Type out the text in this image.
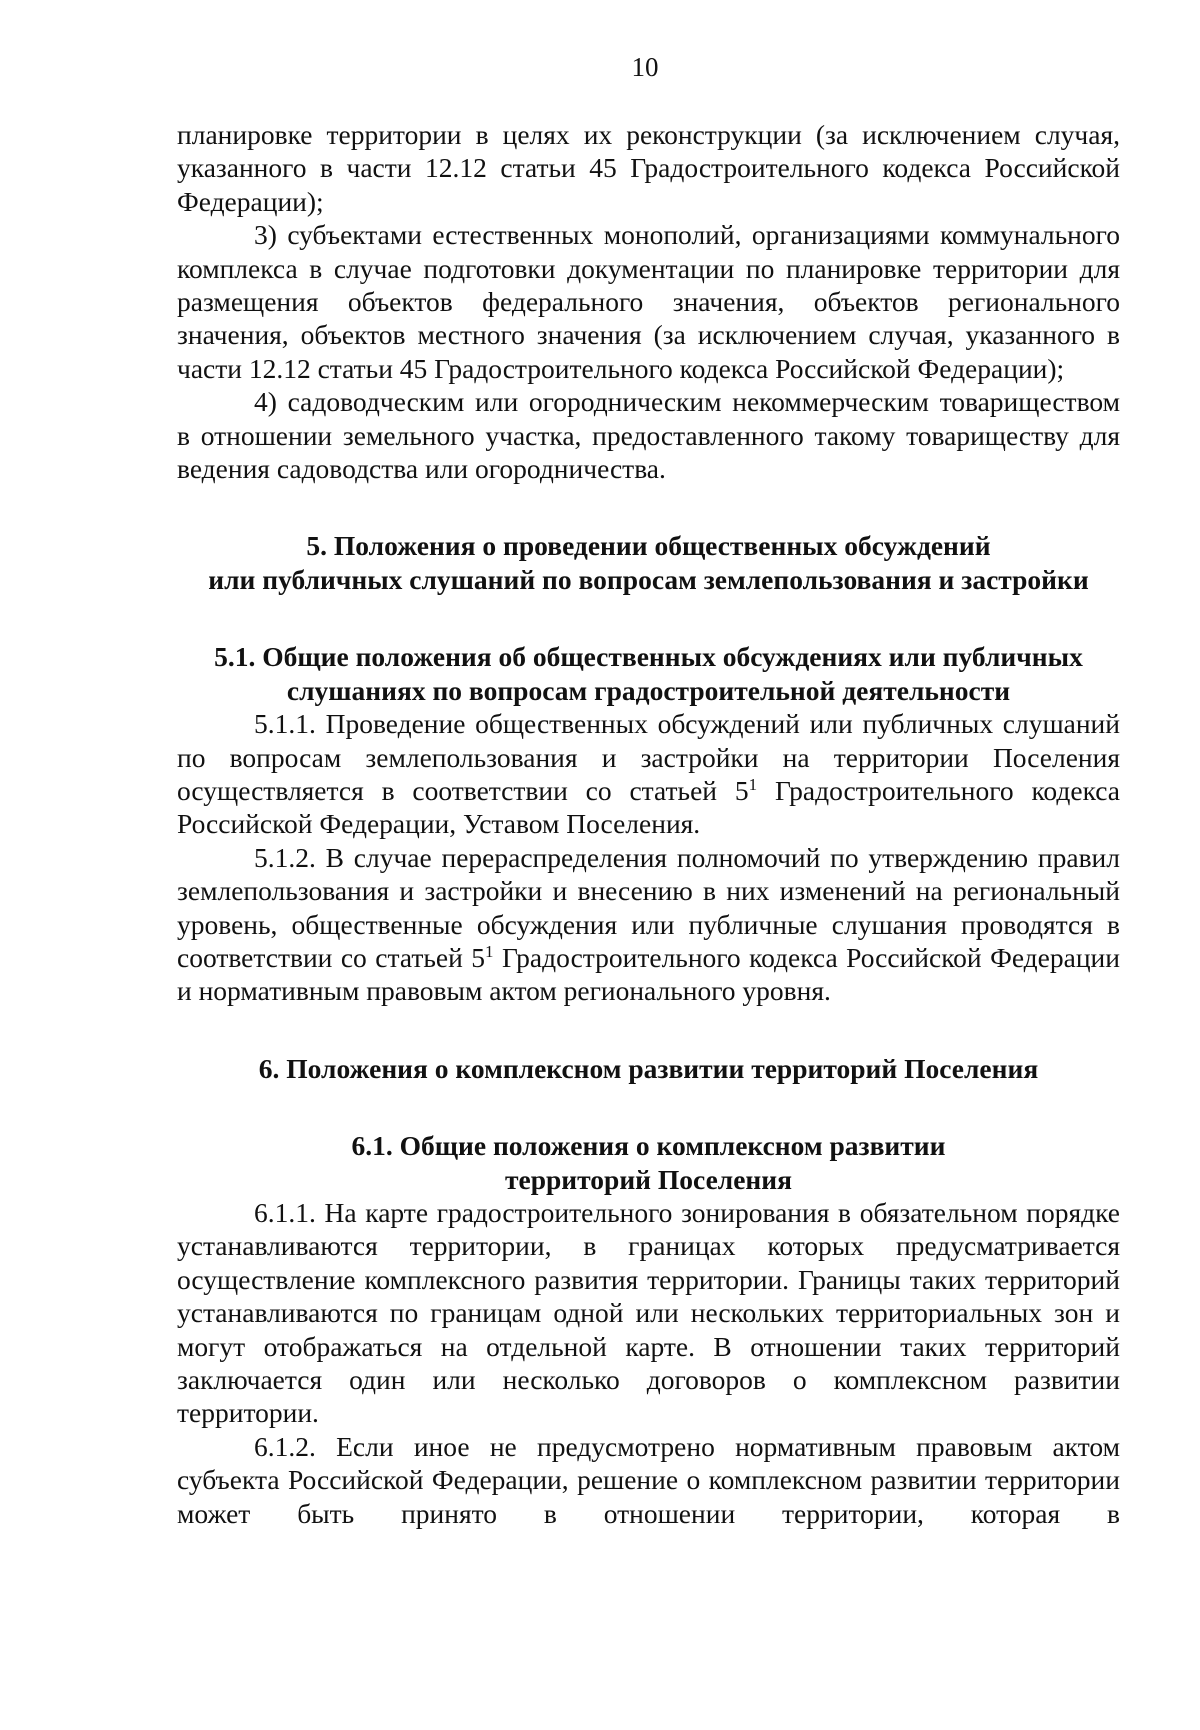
10

планировке территории в целях их реконструкции (за исключением случая, указанного в части 12.12 статьи 45 Градостроительного кодекса Российской Федерации);

3) субъектами естественных монополий, организациями коммунального комплекса в случае подготовки документации по планировке территории для размещения объектов федерального значения, объектов регионального значения, объектов местного значения (за исключением случая, указанного в части 12.12 статьи 45 Градостроительного кодекса Российской Федерации);

4) садоводческим или огородническим некоммерческим товариществом в отношении земельного участка, предоставленного такому товариществу для ведения садоводства или огородничества.

5. Положения о проведении общественных обсуждений
или публичных слушаний по вопросам землепользования и застройки
5.1. Общие положения об общественных обсуждениях или публичных
слушаниях по вопросам градостроительной деятельности

5.1.1. Проведение общественных обсуждений или публичных слушаний по вопросам землепользования и застройки на территории Поселения осуществляется в соответствии со статьей $5^1$ Градостроительного кодекса Российской Федерации, Уставом Поселения.

5.1.2. В случае перераспределения полномочий по утверждению правил землепользования и застройки и внесению в них изменений на региональный уровень, общественные обсуждения или публичные слушания проводятся в соответствии со статьей $5^1$ Градостроительного кодекса Российской Федерации и нормативным правовым актом регионального уровня.

6. Положения о комплексном развитии территорий Поселения
6.1. Общие положения о комплексном развитии
территорий Поселения

6.1.1. На карте градостроительного зонирования в обязательном порядке устанавливаются территории, в границах которых предусматривается осуществление комплексного развития территории. Границы таких территорий устанавливаются по границам одной или нескольких территориальных зон и могут отображаться на отдельной карте. В отношении таких территорий заключается один или несколько договоров о комплексном развитии территории.

6.1.2. Если иное не предусмотрено нормативным правовым актом субъекта Российской Федерации, решение о комплексном развитии территории может быть принято в отношении территории, которая в
